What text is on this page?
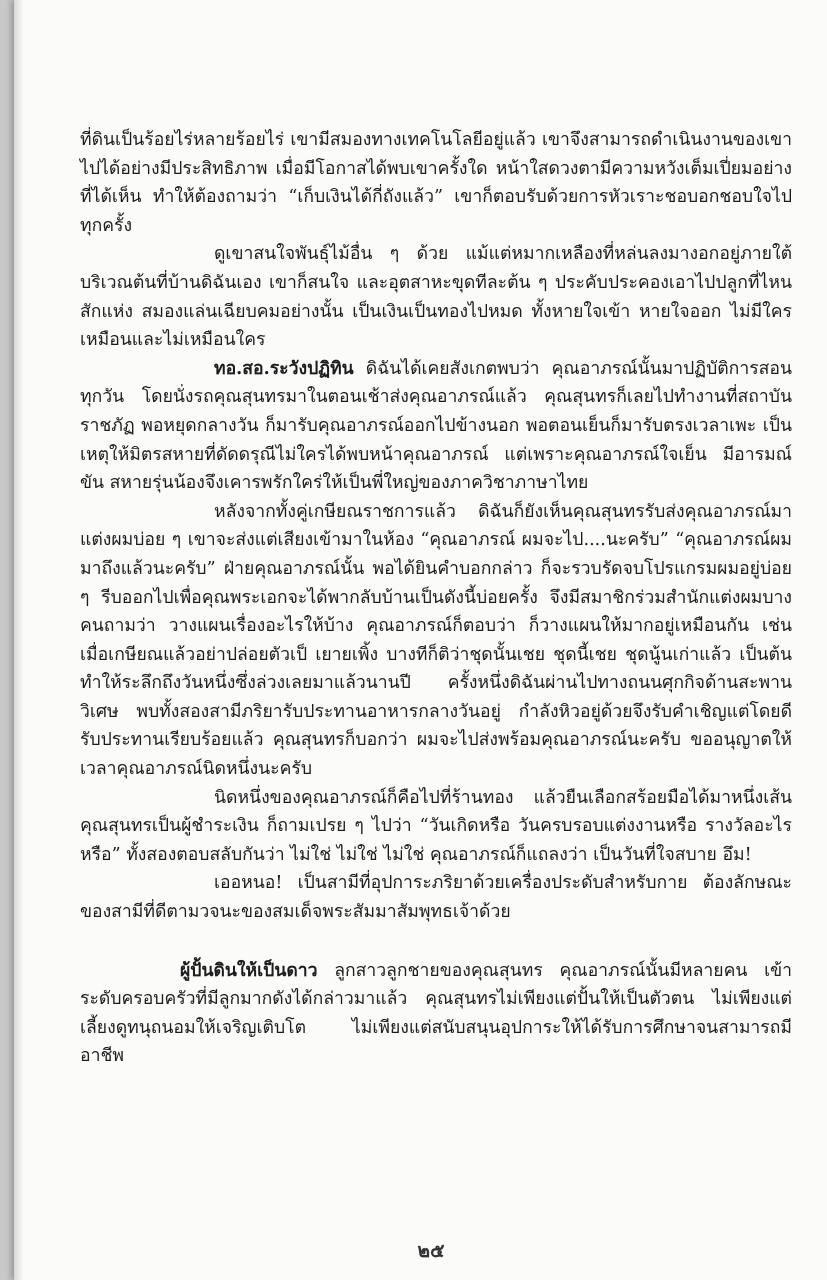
ที่ดินเป็นร้อยไร่หลายร้อยไร่ เขามีสมองทางเทคโนโลยีอยู่แล้ว เขาจึงสามารถดำเนินงานของเขาไปได้อย่างมีประสิทธิภาพ เมื่อมีโอกาสได้พบเขาครั้งใด หน้าใสดวงตามีความหวังเต็มเปี่ยมอย่างที่ได้เห็น ทำให้ต้องถามว่า “เก็บเงินได้กี่ถังแล้ว” เขาก็ตอบรับด้วยการหัวเราะชอบอกชอบใจไปทุกครั้ง

ดูเขาสนใจพันธุ์ไม้อื่น ๆ ด้วย แม้แต่หมากเหลืองที่หล่นลงมางอกอยู่ภายใต้บริเวณต้นที่บ้านดิฉันเอง เขาก็สนใจ และอุตสาหะขุดทีละต้น ๆ ประคับประคองเอาไปปลูกที่ไหนสักแห่ง สมองแล่นเฉียบคมอย่างนั้น เป็นเงินเป็นทองไปหมด ทั้งหายใจเข้า หายใจออก ไม่มีใครเหมือนและไม่เหมือนใคร

ทอ.สอ.ระวังปฏิทิน ดิฉันได้เคยสังเกตพบว่า คุณอาภรณ์นั้นมาปฏิบัติการสอนทุกวัน โดยนั่งรถคุณสุนทรมาในตอนเช้าส่งคุณอาภรณ์แล้ว คุณสุนทรก็เลยไปทำงานที่สถาบันราชภัฏ พอหยุดกลางวัน ก็มารับคุณอาภรณ์ออกไปข้างนอก พอตอนเย็นก็มารับตรงเวลาเพะ เป็นเหตุให้มิตรสหายที่ดัดดรุณีไม่ใครได้พบหน้าคุณอาภรณ์ แต่เพราะคุณอาภรณ์ใจเย็น มีอารมณ์ขัน สหายรุ่นน้องจึงเคารพรักใคร่ให้เป็นพี่ใหญ่ของภาควิชาภาษาไทย

หลังจากทั้งคู่เกษียณราชการแล้ว ดิฉันก็ยังเห็นคุณสุนทรรับส่งคุณอาภรณ์มาแต่งผมบ่อย ๆ เขาจะส่งแต่เสียงเข้ามาในห้อง “คุณอาภรณ์ ผมจะไป....นะครับ” “คุณอาภรณ์ผมมาถึงแล้วนะครับ” ฝ่ายคุณอาภรณ์นั้น พอได้ยินคำบอกกล่าว ก็จะรวบรัดจบโปรแกรมผมอยู่บ่อย ๆ รีบออกไปเพื่อคุณพระเอกจะได้พากลับบ้านเป็นดังนี้บ่อยครั้ง จึงมีสมาชิกร่วมสำนักแต่งผมบางคนถามว่า วางแผนเรื่องอะไรให้บ้าง คุณอาภรณ์ก็ตอบว่า ก็วางแผนให้มากอยู่เหมือนกัน เช่น เมื่อเกษียณแล้วอย่าปล่อยตัวเป็ เยายเพิ้ง บางทีก็ติว่าชุดนั้นเชย ชุดนี้เชย ชุดนู้นเก่าแล้ว เป็นต้น ทำให้ระลึกถึงวันหนึ่งซึ่งล่วงเลยมาแล้วนานปี ครั้งหนึ่งดิฉันผ่านไปทางถนนศุกกิจด้านสะพานวิเศษ พบทั้งสองสามีภริยารับประทานอาหารกลางวันอยู่ กำลังหิวอยู่ด้วยจึงรับคำเชิญแต่โดยดี รับประทานเรียบร้อยแล้ว คุณสุนทรก็บอกว่า ผมจะไปส่งพร้อมคุณอาภรณ์นะครับ ขออนุญาตให้เวลาคุณอาภรณ์นิดหนึ่งนะครับ

นิดหนึ่งของคุณอาภรณ์ก็คือไปที่ร้านทอง แล้วยืนเลือกสร้อยมือได้มาหนึ่งเส้น คุณสุนทรเป็นผู้ชำระเงิน ก็ถามเปรย ๆ ไปว่า “วันเกิดหรือ วันครบรอบแต่งงานหรือ รางวัลอะไรหรือ” ทั้งสองตอบสลับกันว่า ไม่ใช่ ไม่ใช่ ไม่ใช่ คุณอาภรณ์ก็แถลงว่า เป็นวันที่ใจสบาย อึม!

เออหนอ! เป็นสามีที่อุปการะภริยาด้วยเครื่องประดับสำหรับกาย ต้องลักษณะของสามีที่ดีตามวจนะของสมเด็จพระสัมมาสัมพุทธเจ้าด้วย

ผู้ปั้นดินให้เป็นดาว ลูกสาวลูกชายของคุณสุนทร คุณอาภรณ์นั้นมีหลายคน เข้าระดับครอบครัวที่มีลูกมากดังได้กล่าวมาแล้ว คุณสุนทรไม่เพียงแต่ปั้นให้เป็นตัวตน ไม่เพียงแต่เลี้ยงดูทนุถนอมให้เจริญเติบโต ไม่เพียงแต่สนับสนุนอุปการะให้ได้รับการศึกษาจนสามารถมีอาชีพ

๒๕
